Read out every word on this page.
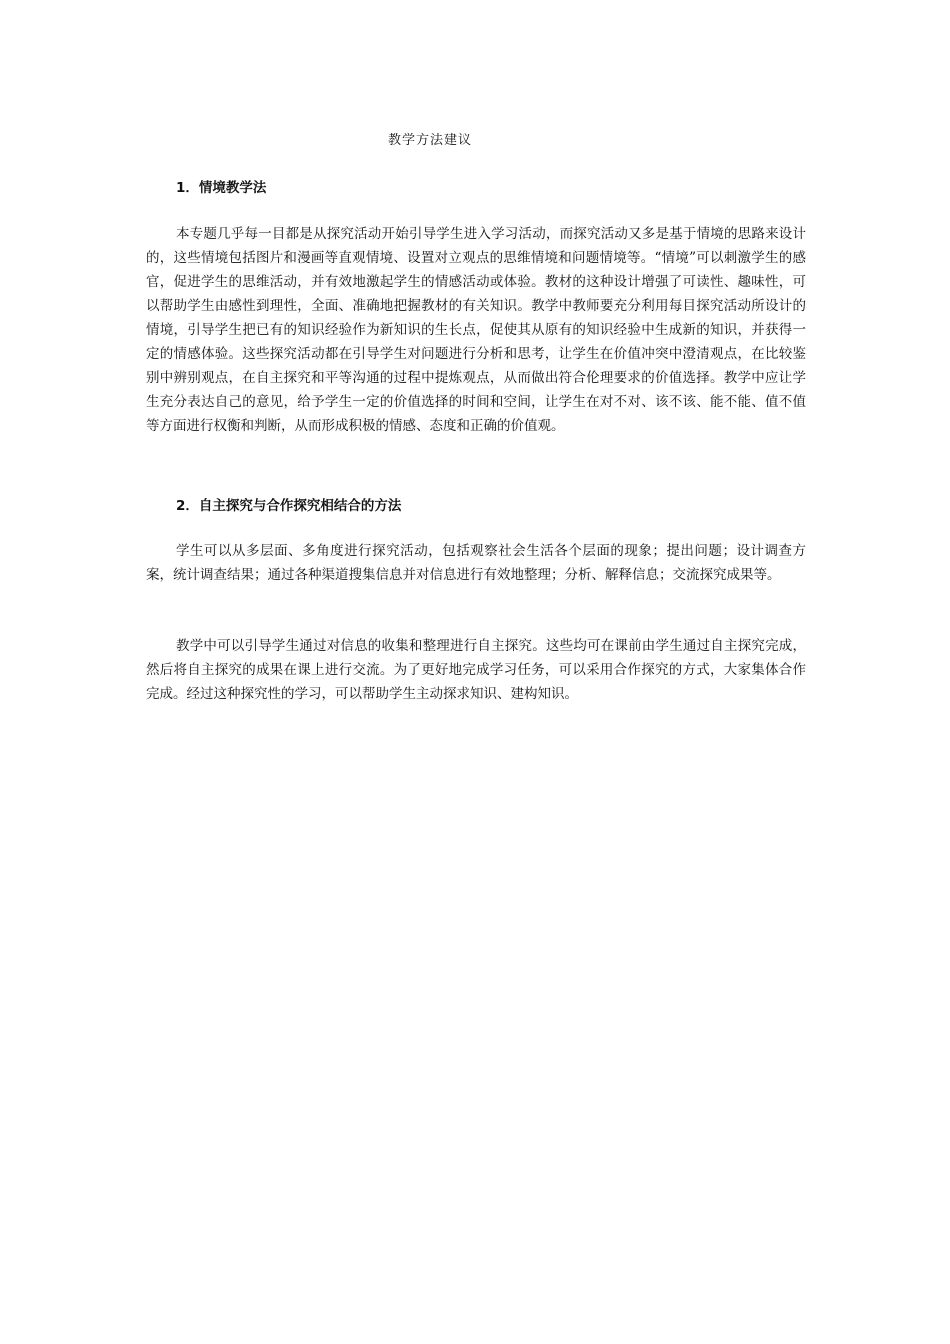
教学方法建议
1．情境教学法

本专题几乎每一目都是从探究活动开始引导学生进入学习活动，而探究活动又多是基于情境的思路来设计的，这些情境包括图片和漫画等直观情境、设置对立观点的思维情境和问题情境等。“情境”可以刺激学生的感官，促进学生的思维活动，并有效地激起学生的情感活动或体验。教材的这种设计增强了可读性、趣味性，可以帮助学生由感性到理性，全面、准确地把握教材的有关知识。教学中教师要充分利用每目探究活动所设计的情境，引导学生把已有的知识经验作为新知识的生长点，促使其从原有的知识经验中生成新的知识，并获得一定的情感体验。这些探究活动都在引导学生对问题进行分析和思考，让学生在价值冲突中澄清观点，在比较鉴别中辨别观点，在自主探究和平等沟通的过程中提炼观点，从而做出符合伦理要求的价值选择。教学中应让学生充分表达自己的意见，给予学生一定的价值选择的时间和空间，让学生在对不对、该不该、能不能、值不值等方面进行权衡和判断，从而形成积极的情感、态度和正确的价值观。

2．自主探究与合作探究相结合的方法

学生可以从多层面、多角度进行探究活动，包括观察社会生活各个层面的现象；提出问题；设计调查方案，统计调查结果；通过各种渠道搜集信息并对信息进行有效地整理；分析、解释信息；交流探究成果等。

教学中可以引导学生通过对信息的收集和整理进行自主探究。这些均可在课前由学生通过自主探究完成，然后将自主探究的成果在课上进行交流。为了更好地完成学习任务，可以采用合作探究的方式，大家集体合作完成。经过这种探究性的学习，可以帮助学生主动探求知识、建构知识。
